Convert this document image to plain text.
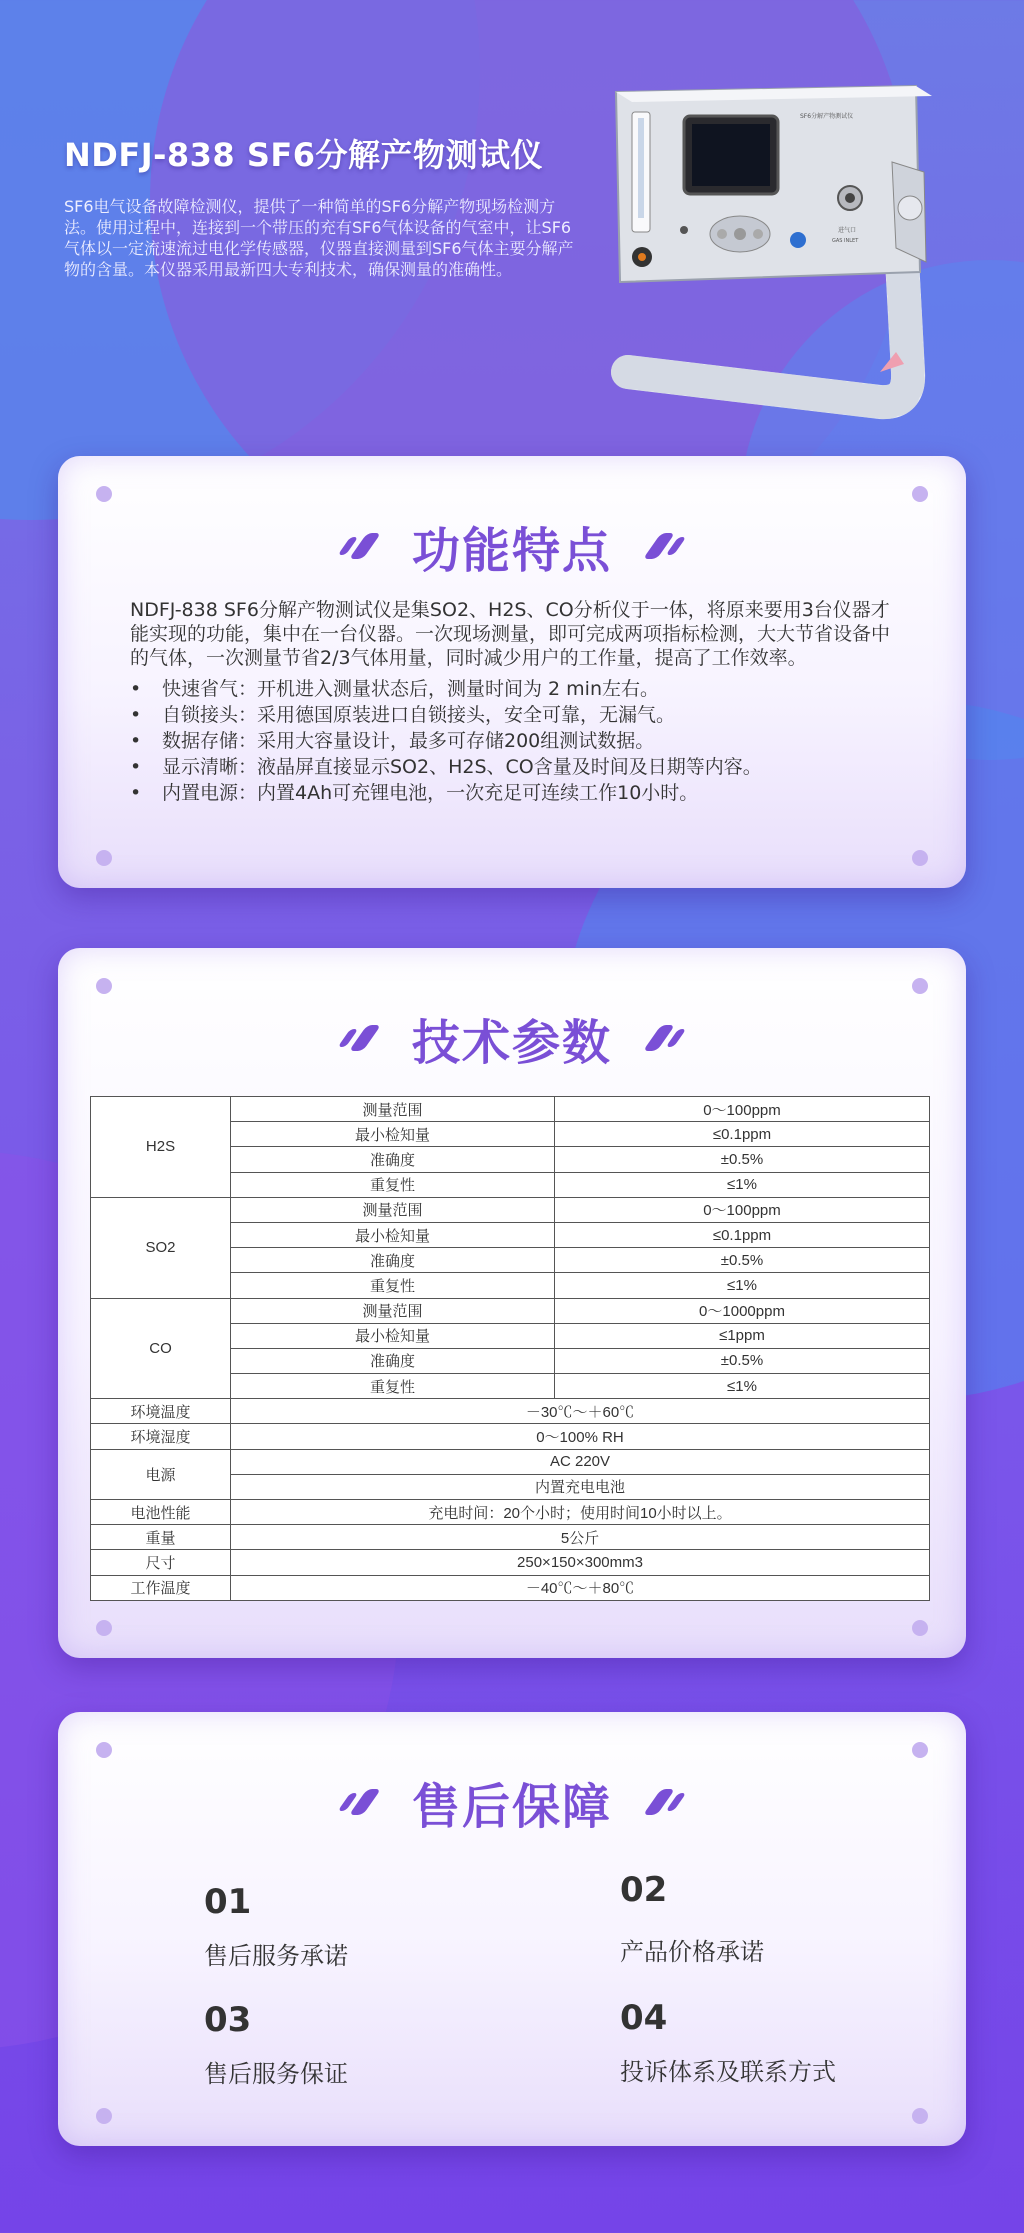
NDFJ-838 SF6分解产物测试仪

SF6电气设备故障检测仪，提供了一种简单的SF6分解产物现场检测方法。使用过程中，连接到一个带压的充有SF6气体设备的气室中，让SF6气体以一定流速流过电化学传感器，仪器直接测量到SF6气体主要分解产物的含量。本仪器采用最新四大专利技术，确保测量的准确性。

SF6分解产物测试仪
进气口
GAS INLET
功能特点

NDFJ-838 SF6分解产物测试仪是集SO2、H2S、CO分析仪于一体，将原来要用3台仪器才能实现的功能，集中在一台仪器。一次现场测量，即可完成两项指标检测，大大节省设备中的气体，一次测量节省2/3气体用量，同时减少用户的工作量，提高了工作效率。

• 快速省气：开机进入测量状态后，测量时间为 2 min左右。
• 自锁接头：采用德国原装进口自锁接头，安全可靠，无漏气。
• 数据存储：采用大容量设计，最多可存储200组测试数据。
• 显示清晰：液晶屏直接显示SO2、H2S、CO含量及时间及日期等内容。
• 内置电源：内置4Ah可充锂电池，一次充足可连续工作10小时。
技术参数
H2S	测量范围	0～100ppm
	最小检知量	≤0.1ppm
	准确度	±0.5%
	重复性	≤1%
SO2	测量范围	0～100ppm
	最小检知量	≤0.1ppm
	准确度	±0.5%
	重复性	≤1%
CO	测量范围	0～1000ppm
	最小检知量	≤1ppm
	准确度	±0.5%
	重复性	≤1%
环境温度	－30℃～＋60℃	
环境湿度	0～100% RH	
电源	AC 220V	
	内置充电电池	
电池性能	充电时间：20个小时；使用时间10小时以上。	
重量	5公斤	
尺寸	250×150×300mm3	
工作温度	－40℃～＋80℃	
售后保障
01
售后服务承诺
02
产品价格承诺
03
售后服务保证
04
投诉体系及联系方式
